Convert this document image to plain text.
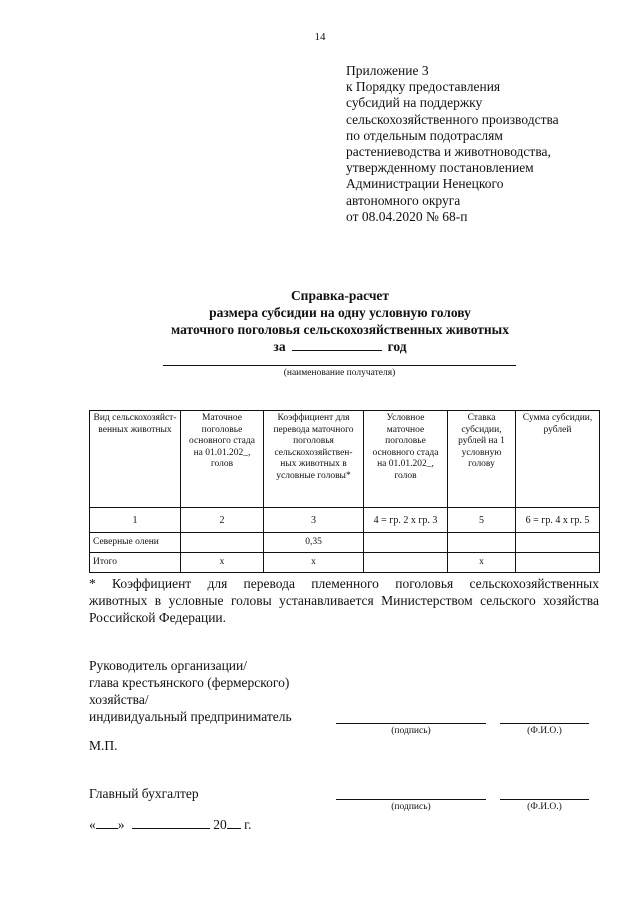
14
Приложение 3
к Порядку предоставления
субсидий на поддержку
сельскохозяйственного производства
по отдельным подотраслям
растениеводства и животноводства,
утвержденному постановлением
Администрации Ненецкого
автономного округа
от 08.04.2020 № 68-п
Справка-расчет
размера субсидии на одну условную голову
маточного поголовья сельскохозяйственных животных
за	год
(наименование получателя)
Вид сельскохозяйст-венных животных	Маточное поголовье основного стада на 01.01.202_, голов	Коэффициент для перевода маточного поголовья сельскохозяйствен-ных животных в условные головы*	Условное маточное поголовье основного стада на 01.01.202_, голов	Ставка субсидии, рублей на 1 условную голову	Сумма субсидии, рублей
1	2	3	4 = гр. 2 х гр. 3	5	6 = гр. 4 х гр. 5
Северные олени		0,35			
Итого	х	х		х	
* Коэффициент для перевода племенного поголовья сельскохозяйственных
животных в условные головы устанавливается Министерством сельского хозяйства
Российской Федерации.
Руководитель организации/
глава крестьянского (фермерского)
хозяйства/
индивидуальный предприниматель
(подпись)	(Ф.И.О.)
М.П.
Главный бухгалтер
(подпись)	(Ф.И.О.)
« »	20 г.
